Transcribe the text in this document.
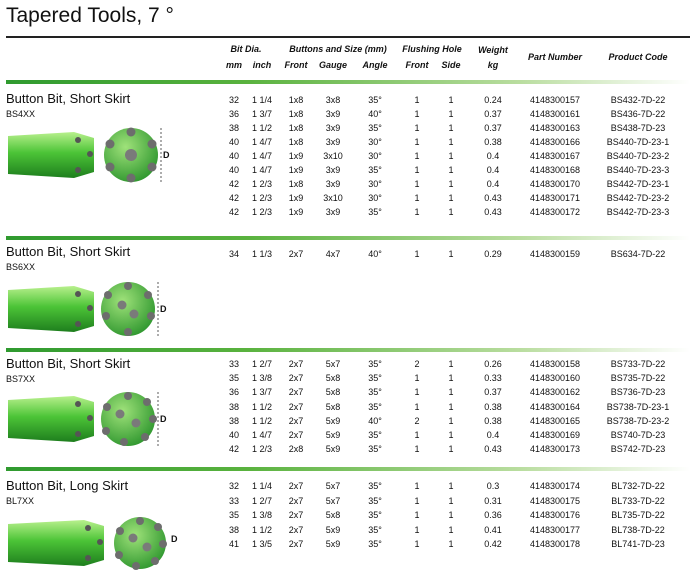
Tapered Tools, 7 °
Bit Dia.	Buttons and Size (mm) Flushing Hole Weight
Part Number	Product Code
mm inch Front Gauge Angle Front Side	kg
Button Bit, Short Skirt
BS4XX
D
Button Bit, Short Skirt
BS6XX
D
Button Bit, Short Skirt
BS7XX
D
Button Bit, Long Skirt
BL7XX
D
32 1 1/4 1x8 3x8	35°	1	1	0.24	4148300157	BS432-7D-22
36 1 3/7 1x8 3x9	40°	1	1	0.37	4148300161	BS436-7D-22
38 1 1/2 1x8 3x9	35°	1	1	0.37	4148300163	BS438-7D-23
40 1 4/7 1x8 3x9	30°	1	1	0.38	4148300166	BS440-7D-23-1
40 1 4/7 1x9 3x10	30°	1	1	0.4	4148300167	BS440-7D-23-2
40 1 4/7 1x9 3x9	35°	1	1	0.4	4148300168	BS440-7D-23-3
42 1 2/3 1x8 3x9	30°	1	1	0.4	4148300170	BS442-7D-23-1
42 1 2/3 1x9 3x10	30°	1	1	0.43	4148300171	BS442-7D-23-2
42 1 2/3 1x9 3x9	35°	1	1	0.43	4148300172	BS442-7D-23-3
34 1 1/3 2x7 4x7	40°	1	1	0.29	4148300159	BS634-7D-22
33 1 2/7 2x7 5x7	35°	2	1	0.26	4148300158	BS733-7D-22
35 1 3/8 2x7 5x8	35°	1	1	0.33	4148300160	BS735-7D-22
36 1 3/7 2x7 5x8	35°	1	1	0.37	4148300162	BS736-7D-23
38 1 1/2 2x7 5x8	35°	1	1	0.38	4148300164	BS738-7D-23-1
38 1 1/2 2x7 5x9	40°	2	1	0.38	4148300165	BS738-7D-23-2
40 1 4/7 2x7 5x9	35°	1	1	0.4	4148300169	BS740-7D-23
42 1 2/3 2x8 5x9	35°	1	1	0.43	4148300173	BS742-7D-23
32 1 1/4 2x7 5x7	35°	1	1	0.3	4148300174	BL732-7D-22
33 1 2/7 2x7 5x7	35°	1	1	0.31	4148300175	BL733-7D-22
35 1 3/8 2x7 5x8	35°	1	1	0.36	4148300176	BL735-7D-22
38 1 1/2 2x7 5x9	35°	1	1	0.41	4148300177	BL738-7D-22
41 1 3/5 2x7 5x9	35°	1	1	0.42	4148300178	BL741-7D-23
